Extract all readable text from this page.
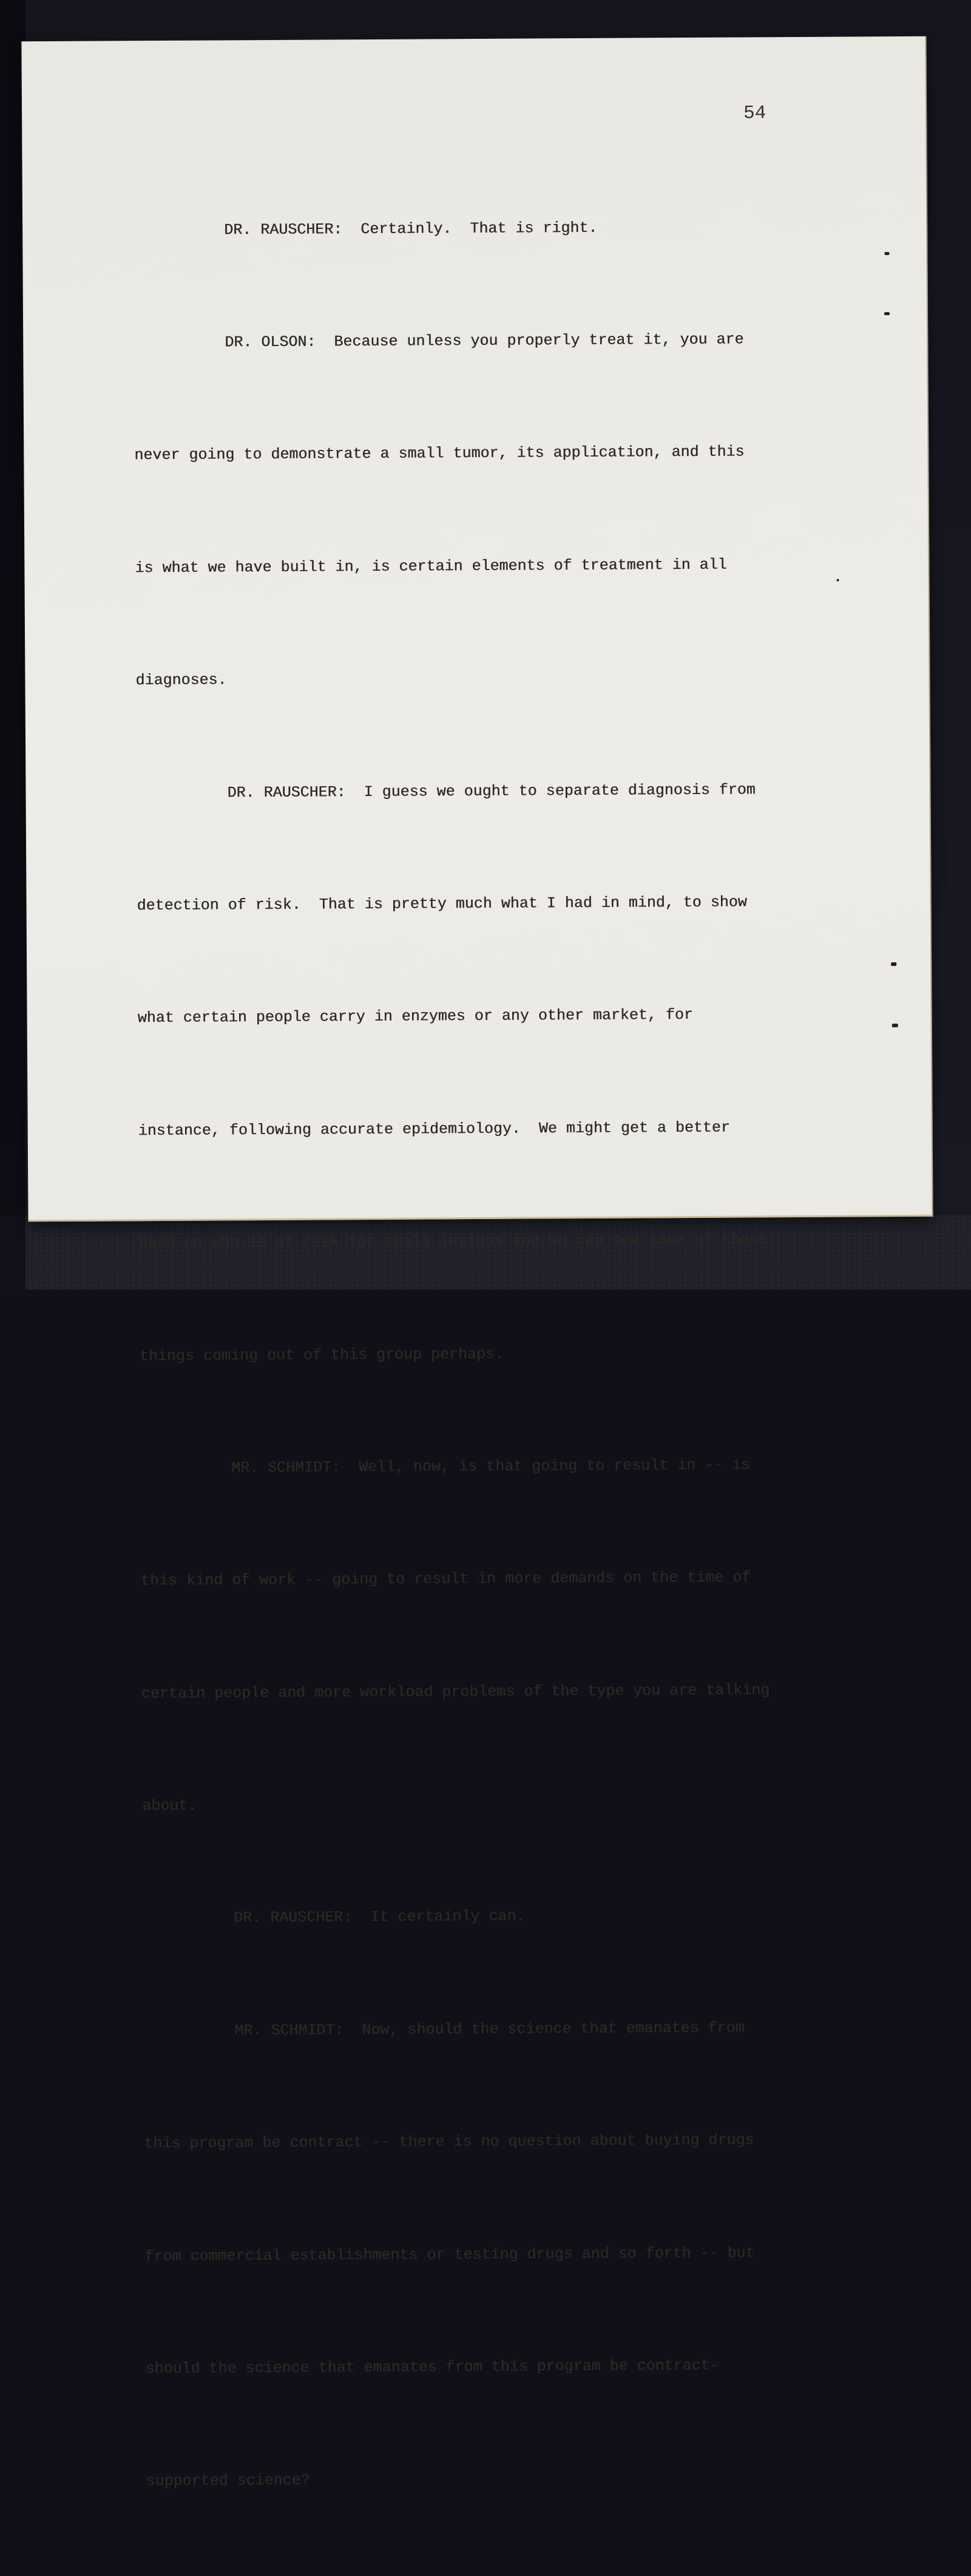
54

DR. RAUSCHER:  Certainly.  That is right.

DR. OLSON:  Because unless you properly treat it, you are

never going to demonstrate a small tumor, its application, and this

is what we have built in, is certain elements of treatment in all

diagnoses.

DR. RAUSCHER:  I guess we ought to separate diagnosis from

detection of risk.  That is pretty much what I had in mind, to show

what certain people carry in enzymes or any other market, for

instance, following accurate epidemiology.  We might get a better

hand on who is at risk for small lesions and we can see some of those

things coming out of this group perhaps.

MR. SCHMIDT:  Well, now, is that going to result in -- is

this kind of work -- going to result in more demands on the time of

certain people and more workload problems of the type you are talking

about.

DR. RAUSCHER:  It certainly can.

MR. SCHMIDT:  Now, should the science that emanates from

this program be contract -- there is no question about buying drugs

from commercial establishments or testing drugs and so forth -- but

should the science that emanates from this program be contract-

supported science?
